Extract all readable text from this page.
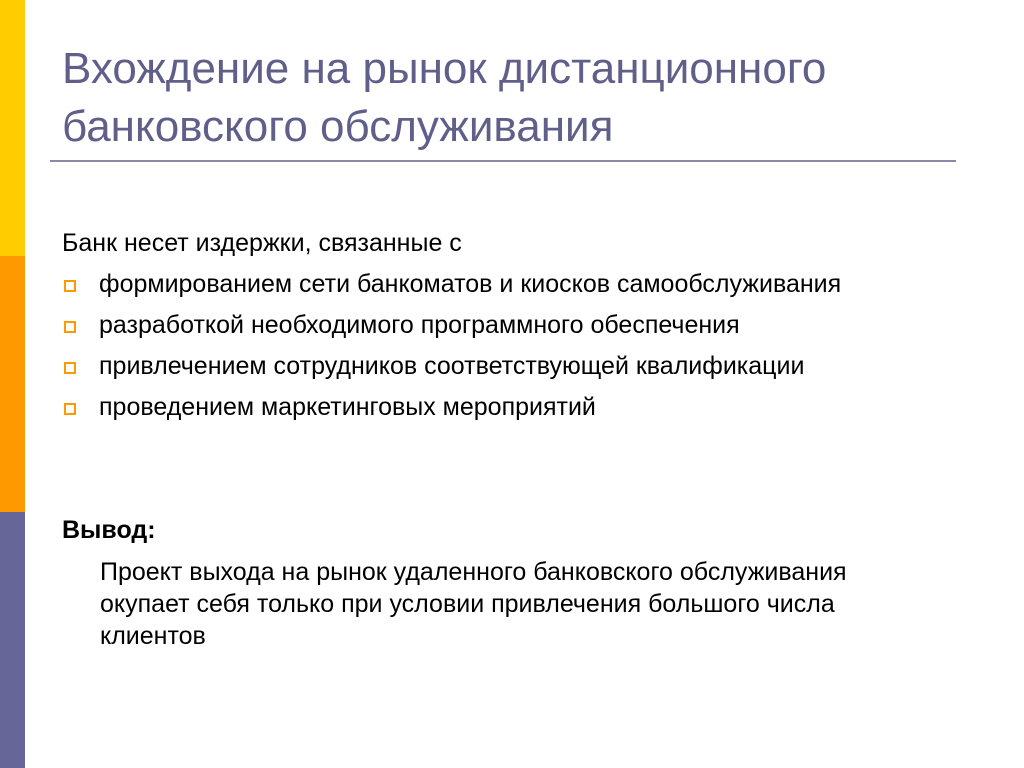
Вхождение на рынок дистанционного
банковского обслуживания
Банк несет издержки, связанные с
формированием сети банкоматов и киосков самообслуживания
разработкой необходимого программного обеспечения
привлечением сотрудников соответствующей квалификации
проведением маркетинговых мероприятий
Вывод:
Проект выхода на рынок удаленного банковского обслуживания
окупает себя только при условии привлечения большого числа
клиентов
